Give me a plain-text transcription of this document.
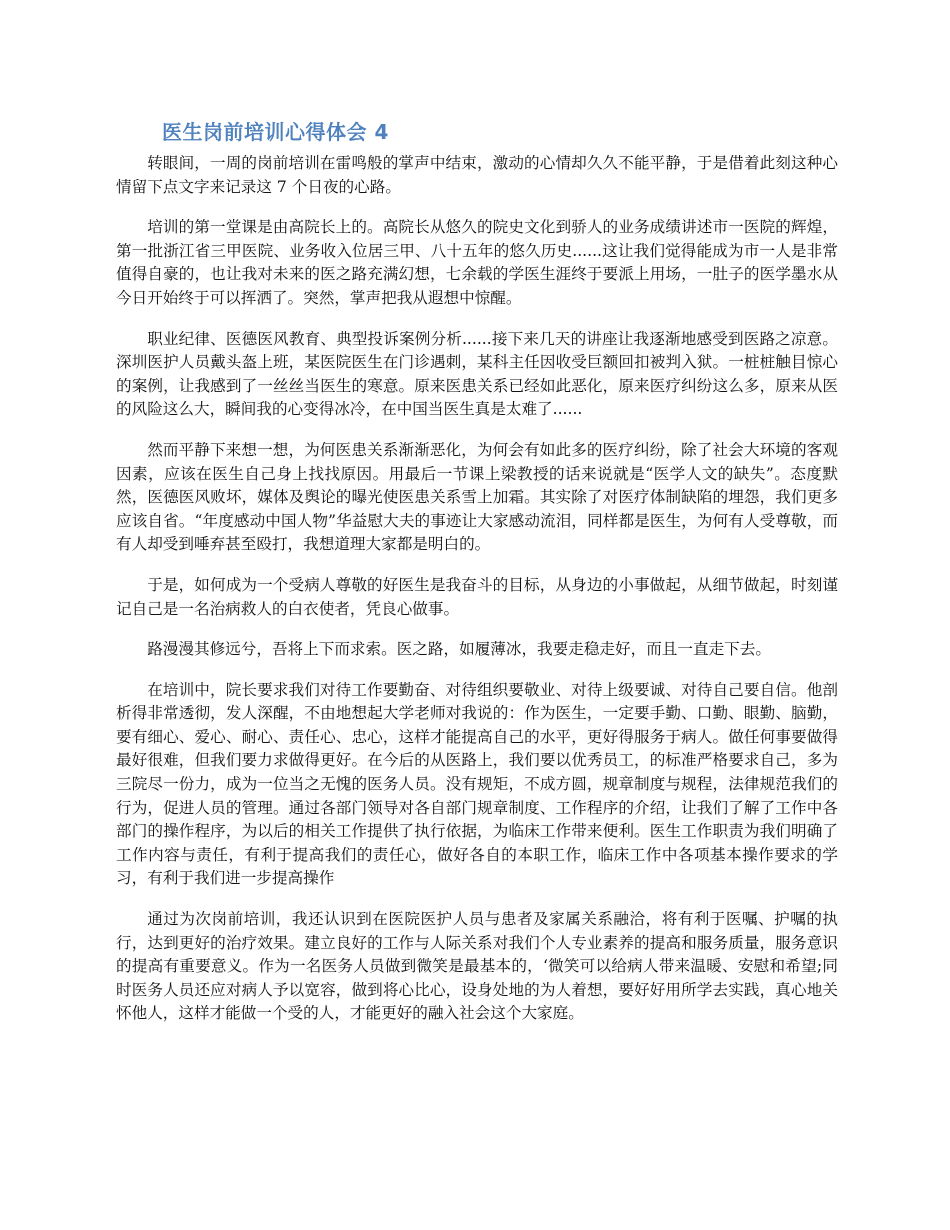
医生岗前培训心得体会 4

转眼间，一周的岗前培训在雷鸣般的掌声中结束，激动的心情却久久不能平静，于是借着此刻这种心情留下点文字来记录这 7 个日夜的心路。

培训的第一堂课是由高院长上的。高院长从悠久的院史文化到骄人的业务成绩讲述市一医院的辉煌，第一批浙江省三甲医院、业务收入位居三甲、八十五年的悠久历史......这让我们觉得能成为市一人是非常值得自豪的，也让我对未来的医之路充满幻想，七余载的学医生涯终于要派上用场，一肚子的医学墨水从今日开始终于可以挥洒了。突然，掌声把我从遐想中惊醒。

职业纪律、医德医风教育、典型投诉案例分析......接下来几天的讲座让我逐渐地感受到医路之凉意。深圳医护人员戴头盔上班，某医院医生在门诊遇刺，某科主任因收受巨额回扣被判入狱。一桩桩触目惊心的案例，让我感到了一丝丝当医生的寒意。原来医患关系已经如此恶化，原来医疗纠纷这么多，原来从医的风险这么大，瞬间我的心变得冰冷，在中国当医生真是太难了......

然而平静下来想一想，为何医患关系渐渐恶化，为何会有如此多的医疗纠纷，除了社会大环境的客观因素，应该在医生自己身上找找原因。用最后一节课上梁教授的话来说就是“医学人文的缺失”。态度默然，医德医风败坏，媒体及舆论的曝光使医患关系雪上加霜。其实除了对医疗体制缺陷的埋怨，我们更多应该自省。“年度感动中国人物”华益慰大夫的事迹让大家感动流泪，同样都是医生，为何有人受尊敬，而有人却受到唾弃甚至殴打，我想道理大家都是明白的。

于是，如何成为一个受病人尊敬的好医生是我奋斗的目标，从身边的小事做起，从细节做起，时刻谨记自己是一名治病救人的白衣使者，凭良心做事。

路漫漫其修远兮，吾将上下而求索。医之路，如履薄冰，我要走稳走好，而且一直走下去。

在培训中，院长要求我们对待工作要勤奋、对待组织要敬业、对待上级要诚、对待自己要自信。他剖析得非常透彻，发人深醒，不由地想起大学老师对我说的：作为医生，一定要手勤、口勤、眼勤、脑勤，要有细心、爱心、耐心、责任心、忠心，这样才能提高自己的水平，更好得服务于病人。做任何事要做得最好很难，但我们要力求做得更好。在今后的从医路上，我们要以优秀员工，的标准严格要求自己，多为三院尽一份力，成为一位当之无愧的医务人员。没有规矩，不成方圆，规章制度与规程，法律规范我们的行为，促进人员的管理。通过各部门领导对各自部门规章制度、工作程序的介绍，让我们了解了工作中各部门的操作程序，为以后的相关工作提供了执行依据，为临床工作带来便利。医生工作职责为我们明确了工作内容与责任，有利于提高我们的责任心，做好各自的本职工作，临床工作中各项基本操作要求的学习，有利于我们进一步提高操作

通过为次岗前培训，我还认识到在医院医护人员与患者及家属关系融洽，将有利于医嘱、护嘱的执行，达到更好的治疗效果。建立良好的工作与人际关系对我们个人专业素养的提高和服务质量，服务意识的提高有重要意义。作为一名医务人员做到微笑是最基本的，‘微笑可以给病人带来温暖、安慰和希望;同时医务人员还应对病人予以宽容，做到将心比心，设身处地的为人着想，要好好用所学去实践，真心地关怀他人，这样才能做一个受的人，才能更好的融入社会这个大家庭。
